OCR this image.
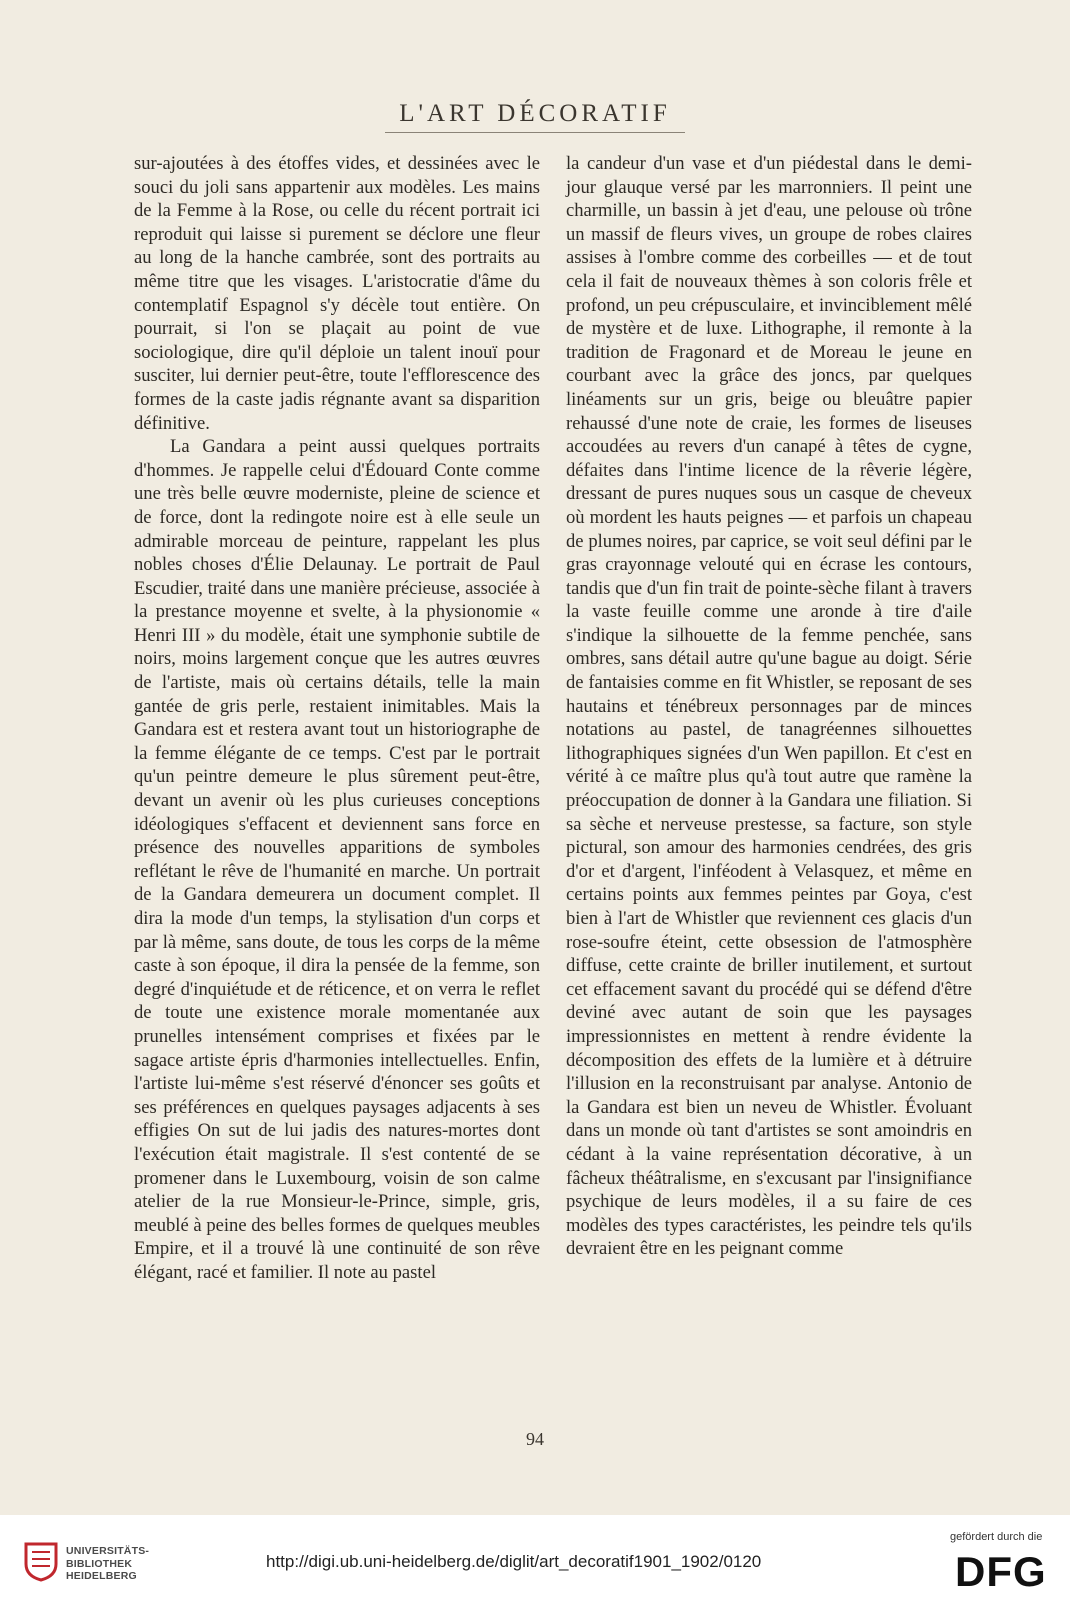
L'ART DÉCORATIF

sur-ajoutées à des étoffes vides, et dessinées avec le souci du joli sans appartenir aux modèles. Les mains de la Femme à la Rose, ou celle du récent portrait ici reproduit qui laisse si purement se déclore une fleur au long de la hanche cambrée, sont des portraits au même titre que les visages. L'aristocratie d'âme du contemplatif Espagnol s'y décèle tout entière. On pourrait, si l'on se plaçait au point de vue sociologique, dire qu'il déploie un talent inouï pour susciter, lui dernier peut-être, toute l'efflorescence des formes de la caste jadis régnante avant sa disparition définitive.

La Gandara a peint aussi quelques portraits d'hommes. Je rappelle celui d'Édouard Conte comme une très belle œuvre moderniste, pleine de science et de force, dont la redingote noire est à elle seule un admirable morceau de peinture, rappelant les plus nobles choses d'Élie Delaunay. Le portrait de Paul Escudier, traité dans une manière précieuse, associée à la prestance moyenne et svelte, à la physionomie « Henri III » du modèle, était une symphonie subtile de noirs, moins largement conçue que les autres œuvres de l'artiste, mais où certains détails, telle la main gantée de gris perle, restaient inimitables. Mais la Gandara est et restera avant tout un historiographe de la femme élégante de ce temps. C'est par le portrait qu'un peintre demeure le plus sûrement peut-être, devant un avenir où les plus curieuses conceptions idéologiques s'effacent et deviennent sans force en présence des nouvelles apparitions de symboles reflétant le rêve de l'humanité en marche. Un portrait de la Gandara demeurera un document complet. Il dira la mode d'un temps, la stylisation d'un corps et par là même, sans doute, de tous les corps de la même caste à son époque, il dira la pensée de la femme, son degré d'inquiétude et de réticence, et on verra le reflet de toute une existence morale momentanée aux prunelles intensément comprises et fixées par le sagace artiste épris d'harmonies intellectuelles. Enfin, l'artiste lui-même s'est réservé d'énoncer ses goûts et ses préférences en quelques paysages adjacents à ses effigies On sut de lui jadis des natures-mortes dont l'exécution était magistrale. Il s'est contenté de se promener dans le Luxembourg, voisin de son calme atelier de la rue Monsieur-le-Prince, simple, gris, meublé à peine des belles formes de quelques meubles Empire, et il a trouvé là une continuité de son rêve élégant, racé et familier. Il note au pastel

la candeur d'un vase et d'un piédestal dans le demi-jour glauque versé par les marronniers. Il peint une charmille, un bassin à jet d'eau, une pelouse où trône un massif de fleurs vives, un groupe de robes claires assises à l'ombre comme des corbeilles — et de tout cela il fait de nouveaux thèmes à son coloris frêle et profond, un peu crépusculaire, et invinciblement mêlé de mystère et de luxe. Lithographe, il remonte à la tradition de Fragonard et de Moreau le jeune en courbant avec la grâce des joncs, par quelques linéaments sur un gris, beige ou bleuâtre papier rehaussé d'une note de craie, les formes de liseuses accoudées au revers d'un canapé à têtes de cygne, défaites dans l'intime licence de la rêverie légère, dressant de pures nuques sous un casque de cheveux où mordent les hauts peignes — et parfois un chapeau de plumes noires, par caprice, se voit seul défini par le gras crayonnage velouté qui en écrase les contours, tandis que d'un fin trait de pointe-sèche filant à travers la vaste feuille comme une aronde à tire d'aile s'indique la silhouette de la femme penchée, sans ombres, sans détail autre qu'une bague au doigt. Série de fantaisies comme en fit Whistler, se reposant de ses hautains et ténébreux personnages par de minces notations au pastel, de tanagréennes silhouettes lithographiques signées d'un Wen papillon. Et c'est en vérité à ce maître plus qu'à tout autre que ramène la préoccupation de donner à la Gandara une filiation. Si sa sèche et nerveuse prestesse, sa facture, son style pictural, son amour des harmonies cendrées, des gris d'or et d'argent, l'inféodent à Velasquez, et même en certains points aux femmes peintes par Goya, c'est bien à l'art de Whistler que reviennent ces glacis d'un rose-soufre éteint, cette obsession de l'atmosphère diffuse, cette crainte de briller inutilement, et surtout cet effacement savant du procédé qui se défend d'être deviné avec autant de soin que les paysages impressionnistes en mettent à rendre évidente la décomposition des effets de la lumière et à détruire l'illusion en la reconstruisant par analyse. Antonio de la Gandara est bien un neveu de Whistler. Évoluant dans un monde où tant d'artistes se sont amoindris en cédant à la vaine représentation décorative, à un fâcheux théâtralisme, en s'excusant par l'insignifiance psychique de leurs modèles, il a su faire de ces modèles des types caractéristes, les peindre tels qu'ils devraient être en les peignant comme

94
UNIVERSITÄTS-
BIBLIOTHEK
HEIDELBERG
http://digi.ub.uni-heidelberg.de/diglit/art_decoratif1901_1902/0120
gefördert durch die
DFG
